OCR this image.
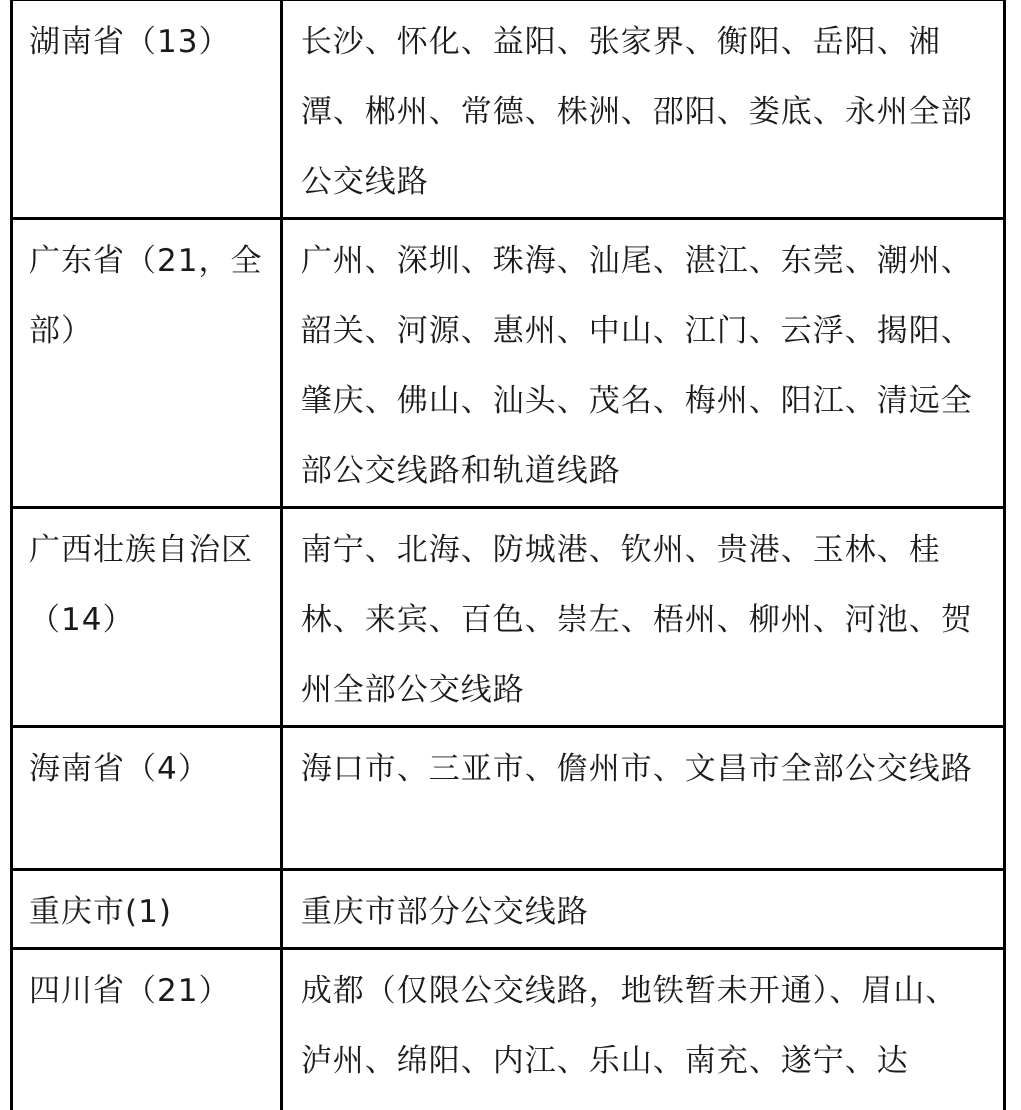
湖南省（13）	长沙、怀化、益阳、张家界、衡阳、岳阳、湘潭、郴州、常德、株洲、邵阳、娄底、永州全部公交线路

广东省（21，全部）	广州、深圳、珠海、汕尾、湛江、东莞、潮州、韶关、河源、惠州、中山、江门、云浮、揭阳、肇庆、佛山、汕头、茂名、梅州、阳江、清远全部公交线路和轨道线路

广西壮族自治区（14）	南宁、北海、防城港、钦州、贵港、玉林、桂林、来宾、百色、崇左、梧州、柳州、河池、贺州全部公交线路

海南省（4）	海口市、三亚市、儋州市、文昌市全部公交线路

重庆市(1)	重庆市部分公交线路

四川省（21）	成都（仅限公交线路，地铁暂未开通）、眉山、泸州、绵阳、内江、乐山、南充、遂宁、达
